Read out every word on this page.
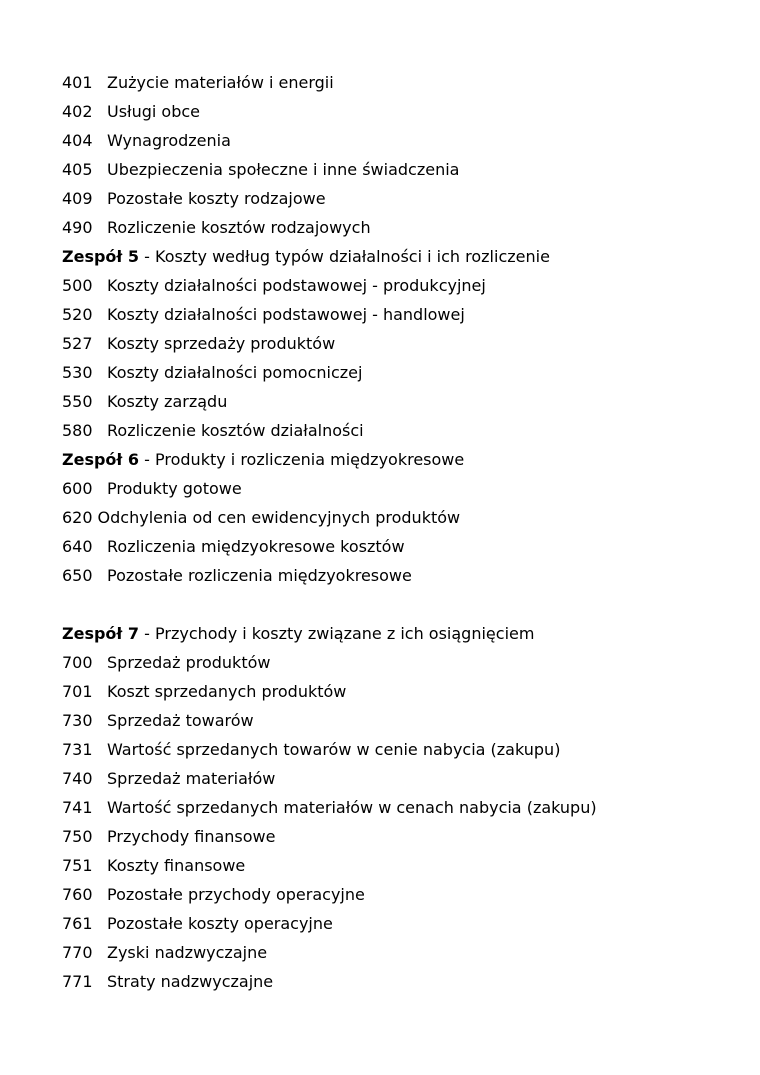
401 Zużycie materiałów i energii
402 Usługi obce
404 Wynagrodzenia
405 Ubezpieczenia społeczne i inne świadczenia
409 Pozostałe koszty rodzajowe
490 Rozliczenie kosztów rodzajowych
Zespół 5 - Koszty według typów działalności i ich rozliczenie
500 Koszty działalności podstawowej - produkcyjnej
520 Koszty działalności podstawowej - handlowej
527 Koszty sprzedaży produktów
530 Koszty działalności pomocniczej
550 Koszty zarządu
580 Rozliczenie kosztów działalności
Zespół 6 - Produkty i rozliczenia międzyokresowe
600 Produkty gotowe
620 Odchylenia od cen ewidencyjnych produktów
640 Rozliczenia międzyokresowe kosztów
650 Pozostałe rozliczenia międzyokresowe
Zespół 7 - Przychody i koszty związane z ich osiągnięciem
700 Sprzedaż produktów
701 Koszt sprzedanych produktów
730 Sprzedaż towarów
731 Wartość sprzedanych towarów w cenie nabycia (zakupu)
740 Sprzedaż materiałów
741 Wartość sprzedanych materiałów w cenach nabycia (zakupu)
750 Przychody finansowe
751 Koszty finansowe
760 Pozostałe przychody operacyjne
761 Pozostałe koszty operacyjne
770 Zyski nadzwyczajne
771 Straty nadzwyczajne
